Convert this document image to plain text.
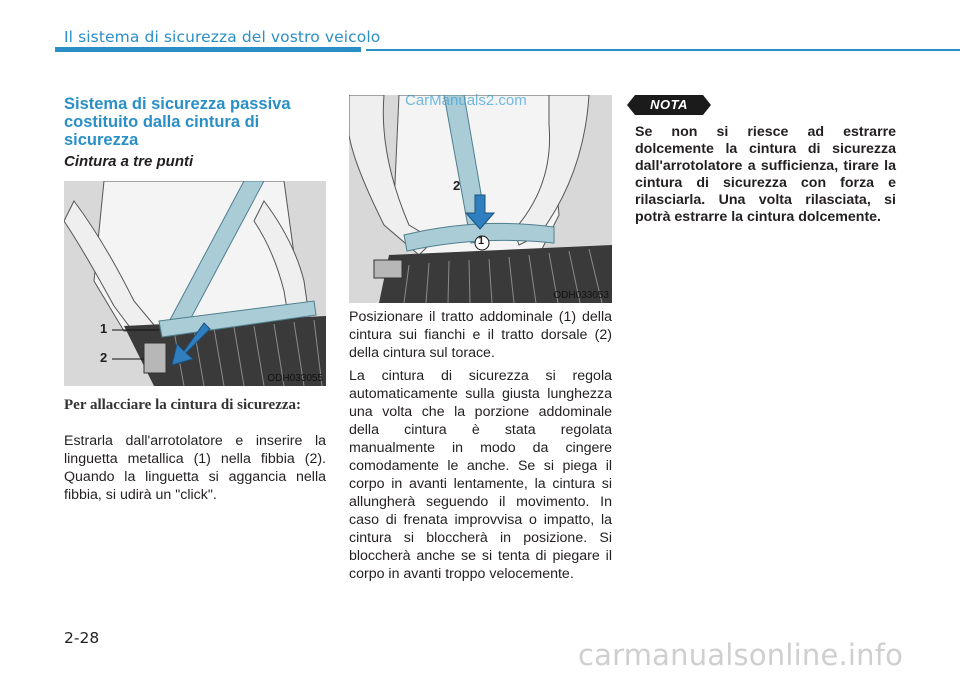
Il sistema di sicurezza del vostro veicolo
Sistema di sicurezza passiva costituito dalla cintura di sicurezza
Cintura a tre punti
1
2
ODH033055
2
1
ODH033053
CarManuals2.com
Per allacciare la cintura di sicurezza:

Estrarla dall'arrotolatore e inserire la linguetta metallica (1) nella fibbia (2). Quando la linguetta si aggancia nella fibbia, si udirà un "click".

Posizionare il tratto addominale (1) della cintura sui fianchi e il tratto dorsale (2) della cintura sul torace.

La cintura di sicurezza si regola automaticamente sulla giusta lunghezza una volta che la porzione addominale della cintura è stata regolata manualmente in modo da cingere comodamente le anche. Se si piega il corpo in avanti lentamente, la cintura si allungherà seguendo il movimento. In caso di frenata improvvisa o impatto, la cintura si bloccherà in posizione. Si bloccherà anche se si tenta di piegare il corpo in avanti troppo velocemente.

NOTA
Se non si riesce ad estrarre dolcemente la cintura di sicurezza dall'arrotolatore a sufficienza, tirare la cintura di sicurezza con forza e rilasciarla. Una volta rilasciata, si potrà estrarre la cintura dolcemente.
2-28	carmanualsonline.info
